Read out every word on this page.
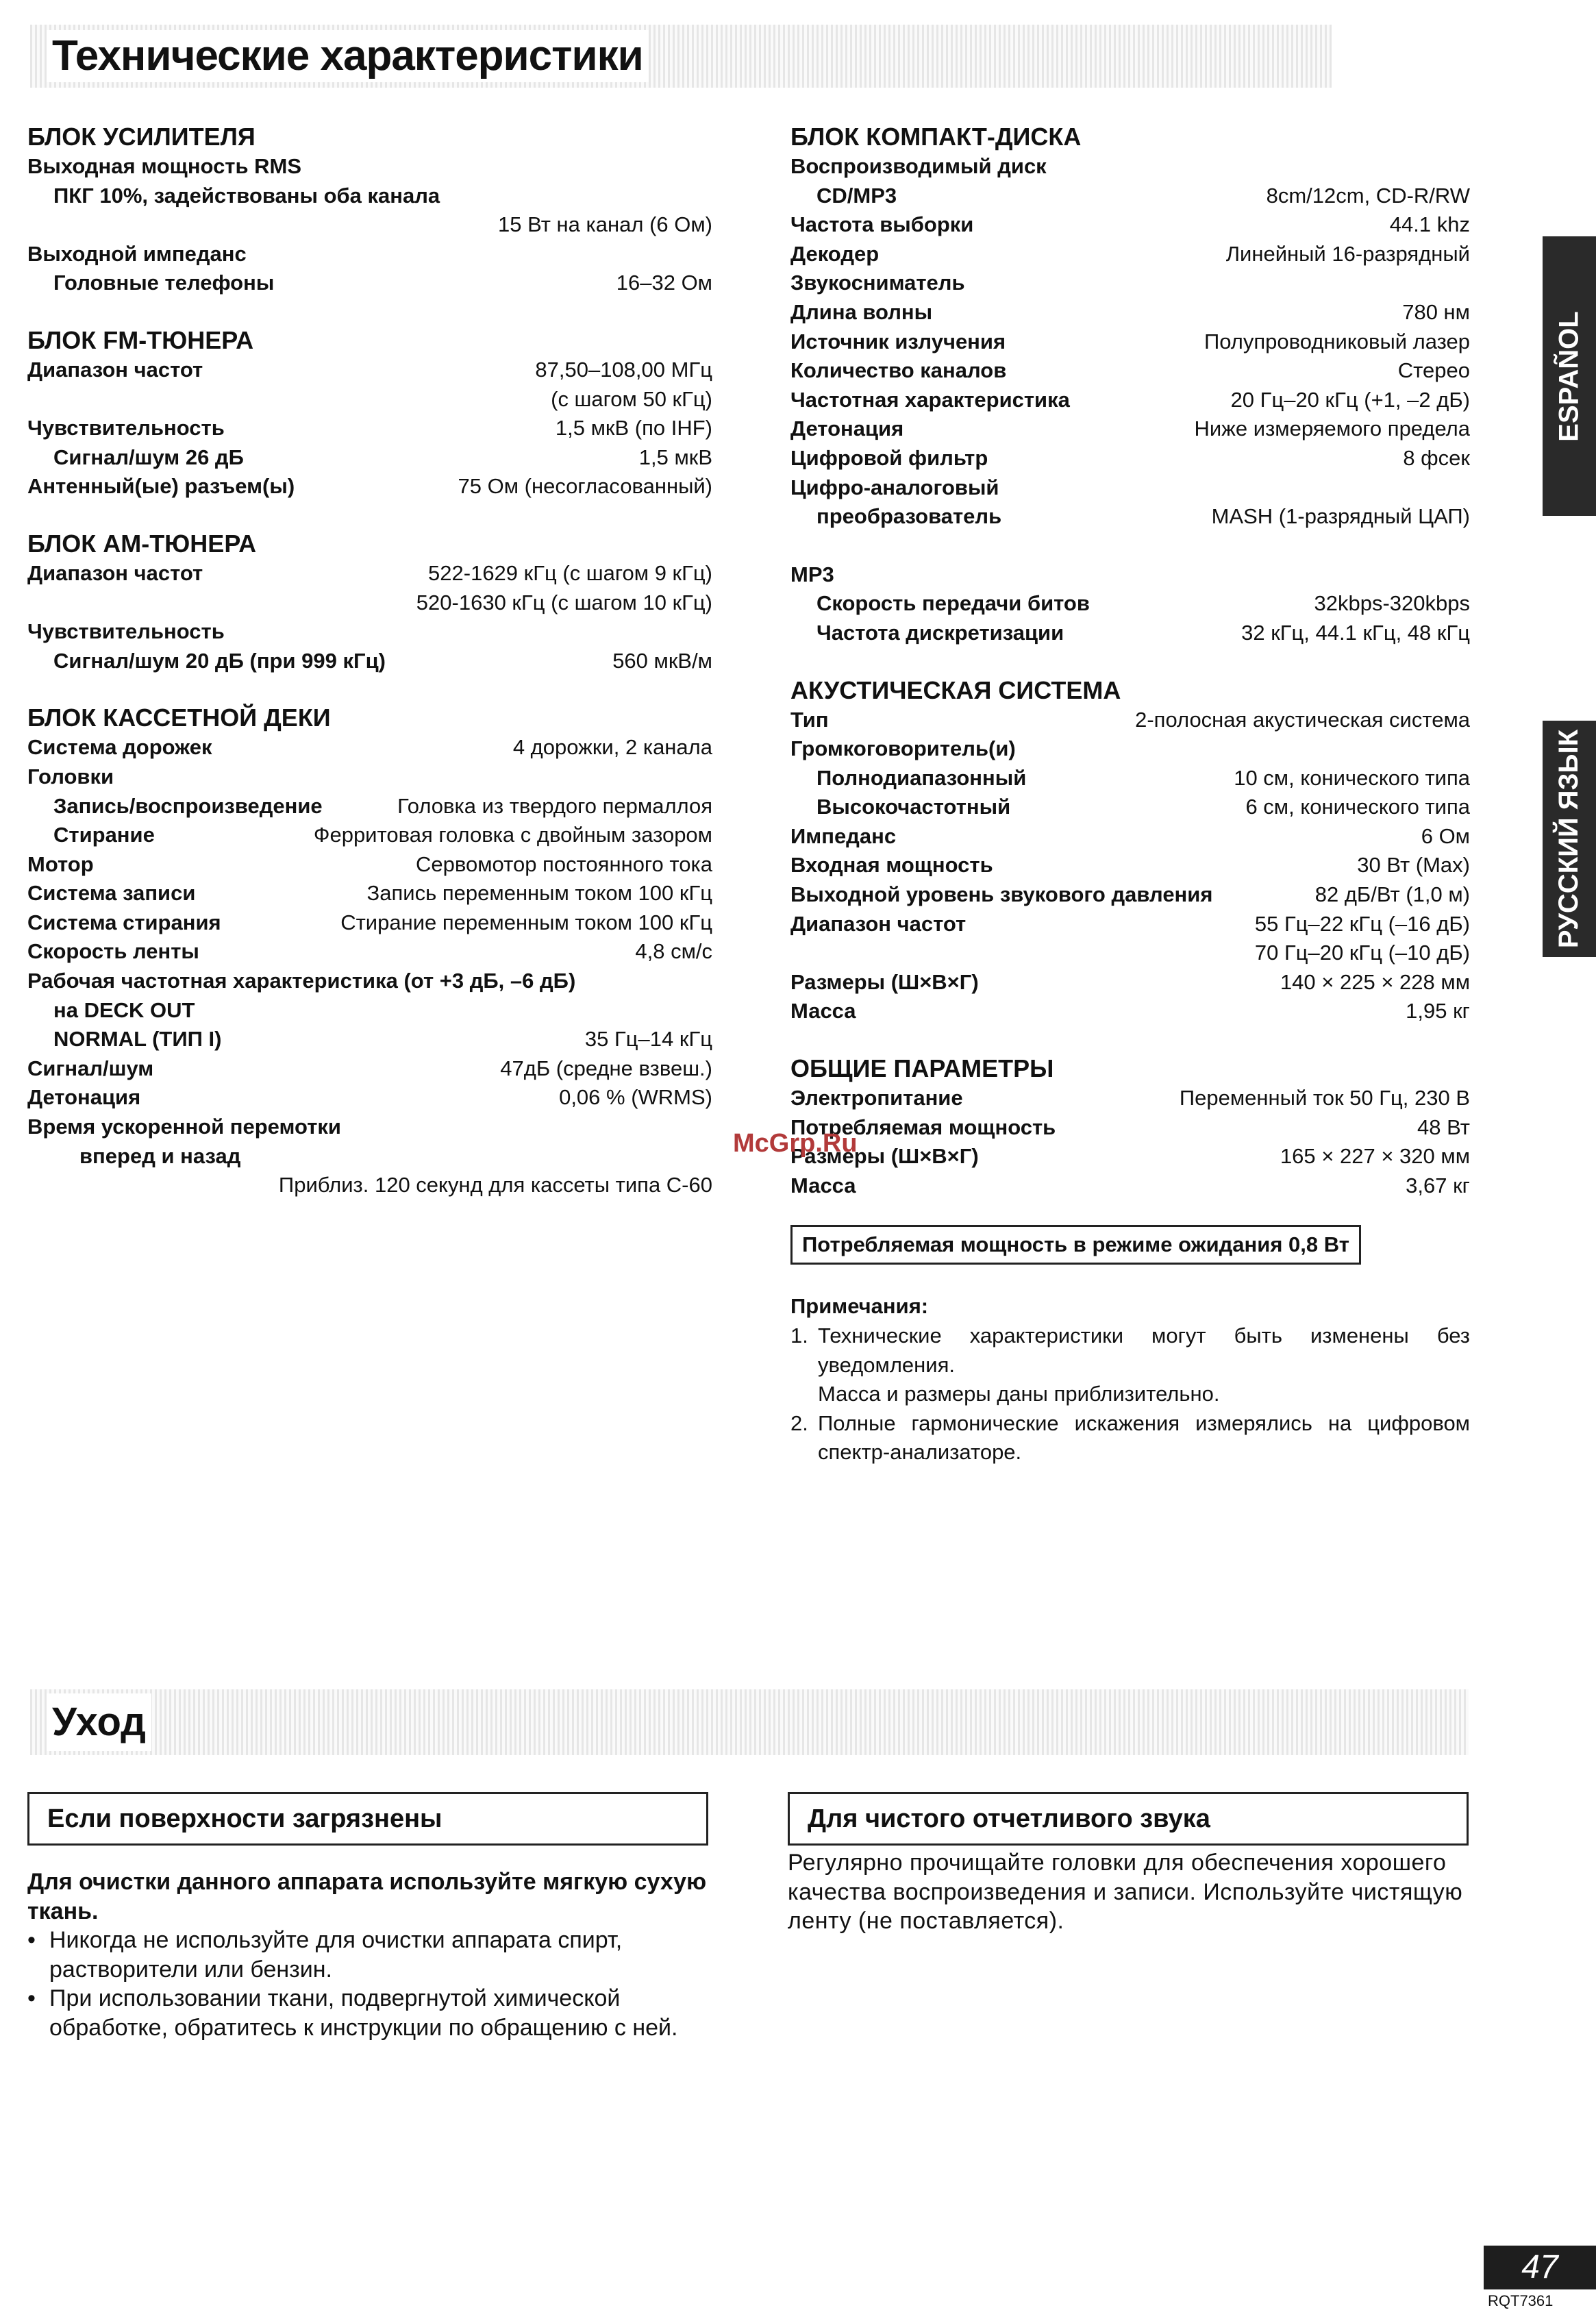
Технические характеристики
БЛОК УСИЛИТЕЛЯ
Выходная мощность RMS
ПКГ 10%, задействованы оба канала
15 Вт на канал (6 Ом)
Выходной импеданс
Головные телефоны	16–32 Ом
БЛОК FM-ТЮНЕРА
Диапазон частот	87,50–108,00 МГц
(с шагом 50 кГц)
Чувствительность	1,5 мкВ (по IHF)
Сигнал/шум 26 дБ	1,5 мкВ
Антенный(ые) разъем(ы)	75 Ом (несогласованный)
БЛОК АМ-ТЮНЕРА
Диапазон частот	522-1629 кГц (с шагом 9 кГц)
520-1630 кГц (с шагом 10 кГц)
Чувствительность
Сигнал/шум 20 дБ (при 999 кГц)	560 мкВ/м
БЛОК КАССЕТНОЙ ДЕКИ
Система дорожек	4 дорожки, 2 канала
Головки
Запись/воспроизведение	Головка из твердого пермаллоя
Стирание	Ферритовая головка с двойным зазором
Мотор	Сервомотор постоянного тока
Система записи	Запись переменным током 100 кГц
Система стирания	Стирание переменным током 100 кГц
Скорость ленты	4,8 см/с
Рабочая частотная характеристика (от +3 дБ, –6 дБ)
на DECK OUT
NORMAL (ТИП I)	35 Гц–14 кГц
Сигнал/шум	47дБ (средне взвеш.)
Детонация	0,06 % (WRMS)
Время ускоренной перемотки
вперед и назад
Приблиз. 120 секунд для кассеты типа С-60
БЛОК КОМПАКТ-ДИСКА
Воспроизводимый диск
CD/MP3	8cm/12cm, CD-R/RW
Частота выборки	44.1 khz
Декодер	Линейный 16-разрядный
Звукосниматель
Длина волны	780 нм
Источник излучения	Полупроводниковый лазер
Количество каналов	Стерео
Частотная характеристика	20 Гц–20 кГц (+1, –2 дБ)
Детонация	Ниже измеряемого предела
Цифровой фильтр	8 фсек
Цифро-аналоговый
преобразователь	MASH (1-разрядный ЦАП)
MP3
Скорость передачи битов	32kbps-320kbps
Частота дискретизации	32 кГц, 44.1 кГц, 48 кГц
АКУСТИЧЕСКАЯ СИСТЕМА
Тип	2-полосная акустическая система
Громкоговоритель(и)
Полнодиапазонный	10 см, конического типа
Высокочастотный	6 см, конического типа
Импеданс	6 Ом
Входная мощность	30 Вт (Max)
Выходной уровень звукового давления	82 дБ/Вт (1,0 м)
Диапазон частот	55 Гц–22 кГц (–16 дБ)
70 Гц–20 кГц (–10 дБ)
Размеры (Ш×В×Г)	140 × 225 × 228 мм
Масса	1,95 кг
ОБЩИЕ ПАРАМЕТРЫ
Электропитание	Переменный ток 50 Гц, 230 В
Потребляемая мощность	48 Вт
Размеры (Ш×В×Г)	165 × 227 × 320 мм
Масса	3,67 кг
Потребляемая мощность в режиме ожидания 0,8 Вт
Примечания:
1. Технические характеристики могут быть изменены без уведомления.
Масса и размеры даны приблизительно.
2. Полные гармонические искажения измерялись на цифровом спектр-анализаторе.
ESPAÑOL
РУССКИЙ ЯЗЫК
McGrp.Ru
Уход
Если поверхности загрязнены	Для чистого отчетливого звука
Для очистки данного аппарата используйте мягкую сухую ткань.
• Никогда не используйте для очистки аппарата спирт, растворители или бензин.
• При использовании ткани, подвергнутой химической обработке, обратитесь к инструкции по обращению с ней.
Регулярно прочищайте головки для обеспечения хорошего качества воспроизведения и записи. Используйте чистящую ленту (не поставляется).
47
RQT7361
